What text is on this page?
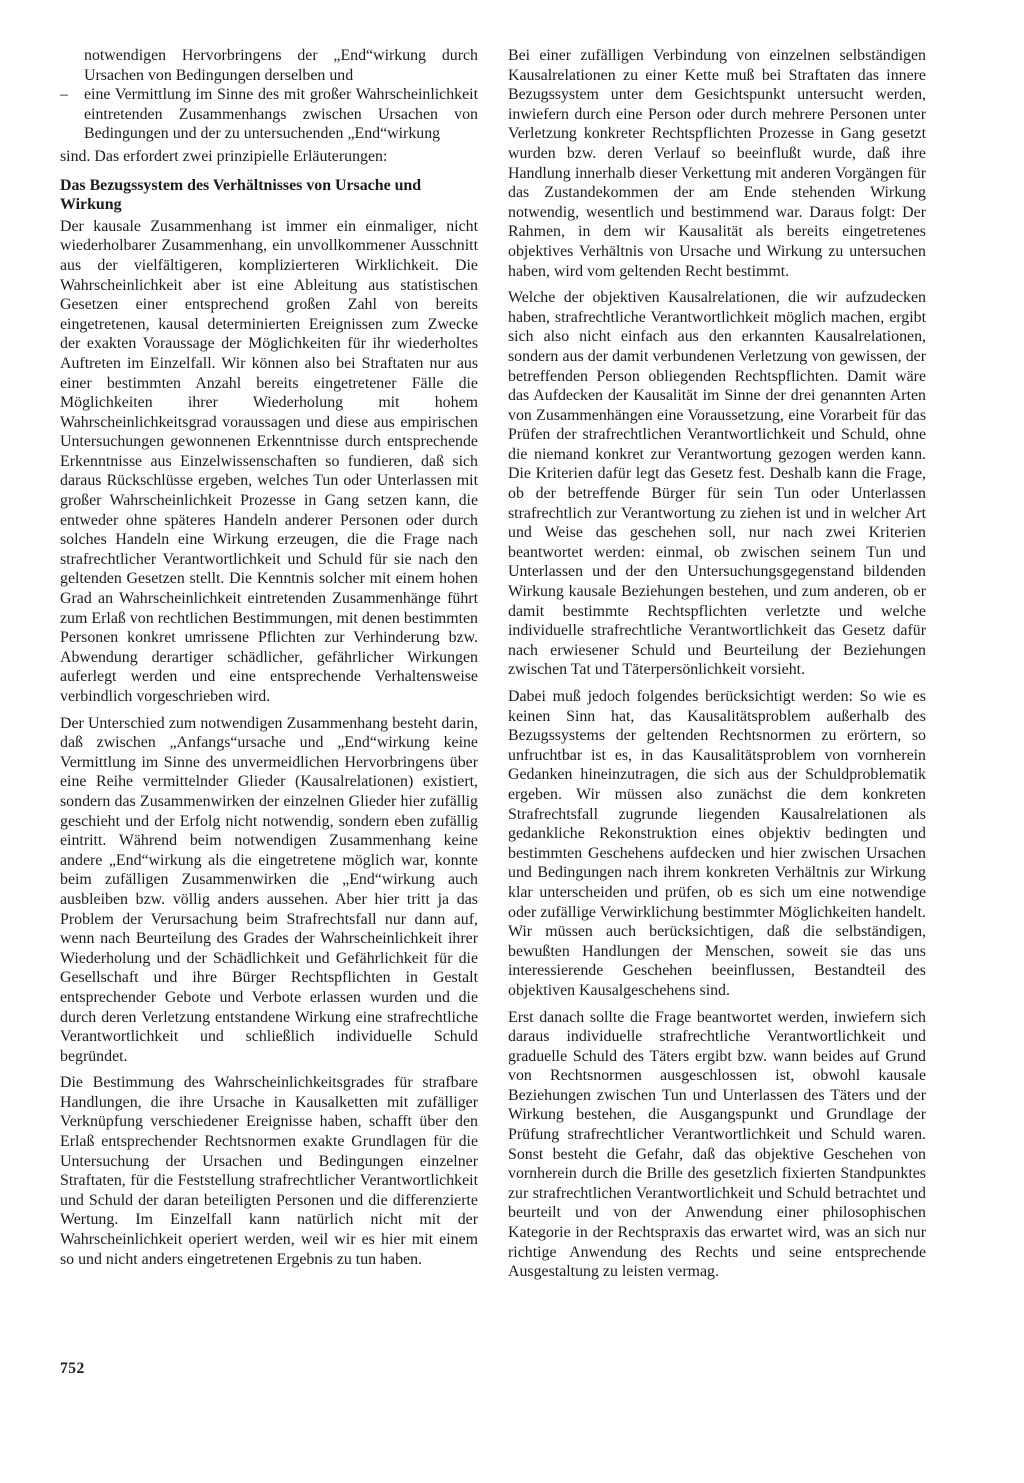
notwendigen Hervorbringens der „End“wirkung durch Ursachen von Bedingungen derselben und

– eine Vermittlung im Sinne des mit großer Wahrscheinlichkeit eintretenden Zusammenhangs zwischen Ursachen von Bedingungen und der zu untersuchenden „End“wirkung

sind. Das erfordert zwei prinzipielle Erläuterungen:

Das Bezugssystem des Verhältnisses von Ursache und Wirkung

Der kausale Zusammenhang ist immer ein einmaliger, nicht wiederholbarer Zusammenhang, ein unvollkommener Ausschnitt aus der vielfältigeren, komplizierteren Wirklichkeit. Die Wahrscheinlichkeit aber ist eine Ableitung aus statistischen Gesetzen einer entsprechend großen Zahl von bereits eingetretenen, kausal determinierten Ereignissen zum Zwecke der exakten Voraussage der Möglichkeiten für ihr wiederholtes Auftreten im Einzelfall. Wir können also bei Straftaten nur aus einer bestimmten Anzahl bereits eingetretener Fälle die Möglichkeiten ihrer Wiederholung mit hohem Wahrscheinlichkeitsgrad voraussagen und diese aus empirischen Untersuchungen gewonnenen Erkenntnisse durch entsprechende Erkenntnisse aus Einzelwissenschaften so fundieren, daß sich daraus Rückschlüsse ergeben, welches Tun oder Unterlassen mit großer Wahrscheinlichkeit Prozesse in Gang setzen kann, die entweder ohne späteres Handeln anderer Personen oder durch solches Handeln eine Wirkung erzeugen, die die Frage nach strafrechtlicher Verantwortlichkeit und Schuld für sie nach den geltenden Gesetzen stellt. Die Kenntnis solcher mit einem hohen Grad an Wahrscheinlichkeit eintretenden Zusammenhänge führt zum Erlaß von rechtlichen Bestimmungen, mit denen bestimmten Personen konkret umrissene Pflichten zur Verhinderung bzw. Abwendung derartiger schädlicher, gefährlicher Wirkungen auferlegt werden und eine entsprechende Verhaltensweise verbindlich vorgeschrieben wird.

Der Unterschied zum notwendigen Zusammenhang besteht darin, daß zwischen „Anfangs“ursache und „End“wirkung keine Vermittlung im Sinne des unvermeidlichen Hervorbringens über eine Reihe vermittelnder Glieder (Kausalrelationen) existiert, sondern das Zusammenwirken der einzelnen Glieder hier zufällig geschieht und der Erfolg nicht notwendig, sondern eben zufällig eintritt. Während beim notwendigen Zusammenhang keine andere „End“wirkung als die eingetretene möglich war, konnte beim zufälligen Zusammenwirken die „End“wirkung auch ausbleiben bzw. völlig anders aussehen. Aber hier tritt ja das Problem der Verursachung beim Strafrechtsfall nur dann auf, wenn nach Beurteilung des Grades der Wahrscheinlichkeit ihrer Wiederholung und der Schädlichkeit und Gefährlichkeit für die Gesellschaft und ihre Bürger Rechtspflichten in Gestalt entsprechender Gebote und Verbote erlassen wurden und die durch deren Verletzung entstandene Wirkung eine strafrechtliche Verantwortlichkeit und schließlich individuelle Schuld begründet.

Die Bestimmung des Wahrscheinlichkeitsgrades für strafbare Handlungen, die ihre Ursache in Kausalketten mit zufälliger Verknüpfung verschiedener Ereignisse haben, schafft über den Erlaß entsprechender Rechtsnormen exakte Grundlagen für die Untersuchung der Ursachen und Bedingungen einzelner Straftaten, für die Feststellung strafrechtlicher Verantwortlichkeit und Schuld der daran beteiligten Personen und die differenzierte Wertung. Im Einzelfall kann natürlich nicht mit der Wahrscheinlichkeit operiert werden, weil wir es hier mit einem so und nicht anders eingetretenen Ergebnis zu tun haben.

Bei einer zufälligen Verbindung von einzelnen selbständigen Kausalrelationen zu einer Kette muß bei Straftaten das innere Bezugssystem unter dem Gesichtspunkt untersucht werden, inwiefern durch eine Person oder durch mehrere Personen unter Verletzung konkreter Rechtspflichten Prozesse in Gang gesetzt wurden bzw. deren Verlauf so beeinflußt wurde, daß ihre Handlung innerhalb dieser Verkettung mit anderen Vorgängen für das Zustandekommen der am Ende stehenden Wirkung notwendig, wesentlich und bestimmend war. Daraus folgt: Der Rahmen, in dem wir Kausalität als bereits eingetretenes objektives Verhältnis von Ursache und Wirkung zu untersuchen haben, wird vom geltenden Recht bestimmt.

Welche der objektiven Kausalrelationen, die wir aufzudecken haben, strafrechtliche Verantwortlichkeit möglich machen, ergibt sich also nicht einfach aus den erkannten Kausalrelationen, sondern aus der damit verbundenen Verletzung von gewissen, der betreffenden Person obliegenden Rechtspflichten. Damit wäre das Aufdecken der Kausalität im Sinne der drei genannten Arten von Zusammenhängen eine Voraussetzung, eine Vorarbeit für das Prüfen der strafrechtlichen Verantwortlichkeit und Schuld, ohne die niemand konkret zur Verantwortung gezogen werden kann. Die Kriterien dafür legt das Gesetz fest. Deshalb kann die Frage, ob der betreffende Bürger für sein Tun oder Unterlassen strafrechtlich zur Verantwortung zu ziehen ist und in welcher Art und Weise das geschehen soll, nur nach zwei Kriterien beantwortet werden: einmal, ob zwischen seinem Tun und Unterlassen und der den Untersuchungsgegenstand bildenden Wirkung kausale Beziehungen bestehen, und zum anderen, ob er damit bestimmte Rechtspflichten verletzte und welche individuelle strafrechtliche Verantwortlichkeit das Gesetz dafür nach erwiesener Schuld und Beurteilung der Beziehungen zwischen Tat und Täterpersönlichkeit vorsieht.

Dabei muß jedoch folgendes berücksichtigt werden: So wie es keinen Sinn hat, das Kausalitätsproblem außerhalb des Bezugssystems der geltenden Rechtsnormen zu erörtern, so unfruchtbar ist es, in das Kausalitätsproblem von vornherein Gedanken hineinzutragen, die sich aus der Schuldproblematik ergeben. Wir müssen also zunächst die dem konkreten Strafrechtsfall zugrunde liegenden Kausalrelationen als gedankliche Rekonstruktion eines objektiv bedingten und bestimmten Geschehens aufdecken und hier zwischen Ursachen und Bedingungen nach ihrem konkreten Verhältnis zur Wirkung klar unterscheiden und prüfen, ob es sich um eine notwendige oder zufällige Verwirklichung bestimmter Möglichkeiten handelt. Wir müssen auch berücksichtigen, daß die selbständigen, bewußten Handlungen der Menschen, soweit sie das uns interessierende Geschehen beeinflussen, Bestandteil des objektiven Kausalgeschehens sind.

Erst danach sollte die Frage beantwortet werden, inwiefern sich daraus individuelle strafrechtliche Verantwortlichkeit und graduelle Schuld des Täters ergibt bzw. wann beides auf Grund von Rechtsnormen ausgeschlossen ist, obwohl kausale Beziehungen zwischen Tun und Unterlassen des Täters und der Wirkung bestehen, die Ausgangspunkt und Grundlage der Prüfung strafrechtlicher Verantwortlichkeit und Schuld waren. Sonst besteht die Gefahr, daß das objektive Geschehen von vornherein durch die Brille des gesetzlich fixierten Standpunktes zur strafrechtlichen Verantwortlichkeit und Schuld betrachtet und beurteilt und von der Anwendung einer philosophischen Kategorie in der Rechtspraxis das erwartet wird, was an sich nur richtige Anwendung des Rechts und seine entsprechende Ausgestaltung zu leisten vermag.

752
